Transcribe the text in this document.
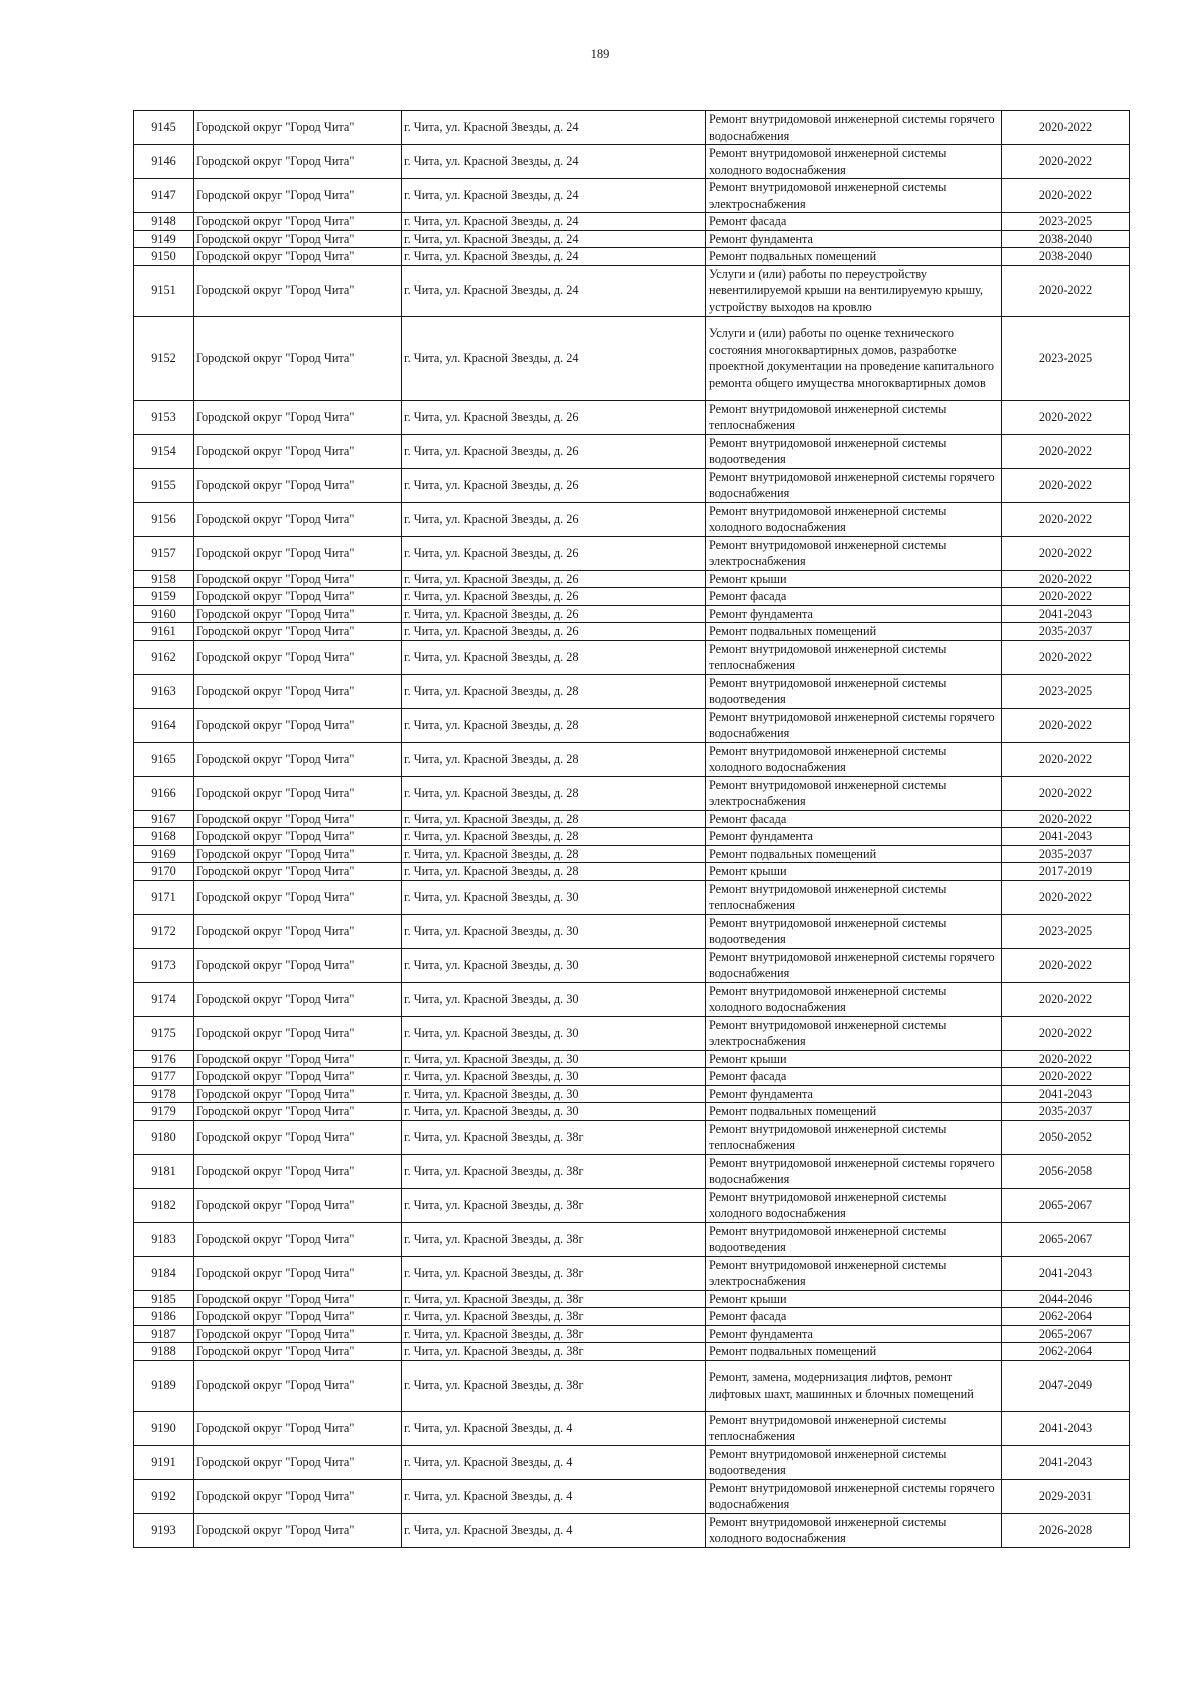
189
9145	Городской округ "Город Чита"	г. Чита, ул. Красной Звезды, д. 24	Ремонт внутридомовой инженерной системы горячего водоснабжения	2020-2022
9146	Городской округ "Город Чита"	г. Чита, ул. Красной Звезды, д. 24	Ремонт внутридомовой инженерной системы холодного водоснабжения	2020-2022
9147	Городской округ "Город Чита"	г. Чита, ул. Красной Звезды, д. 24	Ремонт внутридомовой инженерной системы электроснабжения	2020-2022
9148	Городской округ "Город Чита"	г. Чита, ул. Красной Звезды, д. 24	Ремонт фасада	2023-2025
9149	Городской округ "Город Чита"	г. Чита, ул. Красной Звезды, д. 24	Ремонт фундамента	2038-2040
9150	Городской округ "Город Чита"	г. Чита, ул. Красной Звезды, д. 24	Ремонт подвальных помещений	2038-2040
9151	Городской округ "Город Чита"	г. Чита, ул. Красной Звезды, д. 24	Услуги и (или) работы по переустройству невентилируемой крыши на вентилируемую крышу, устройству выходов на кровлю	2020-2022
9152	Городской округ "Город Чита"	г. Чита, ул. Красной Звезды, д. 24	Услуги и (или) работы по оценке технического состояния многоквартирных домов, разработке проектной документации на проведение капитального ремонта общего имущества многоквартирных домов	2023-2025
9153	Городской округ "Город Чита"	г. Чита, ул. Красной Звезды, д. 26	Ремонт внутридомовой инженерной системы теплоснабжения	2020-2022
9154	Городской округ "Город Чита"	г. Чита, ул. Красной Звезды, д. 26	Ремонт внутридомовой инженерной системы водоотведения	2020-2022
9155	Городской округ "Город Чита"	г. Чита, ул. Красной Звезды, д. 26	Ремонт внутридомовой инженерной системы горячего водоснабжения	2020-2022
9156	Городской округ "Город Чита"	г. Чита, ул. Красной Звезды, д. 26	Ремонт внутридомовой инженерной системы холодного водоснабжения	2020-2022
9157	Городской округ "Город Чита"	г. Чита, ул. Красной Звезды, д. 26	Ремонт внутридомовой инженерной системы электроснабжения	2020-2022
9158	Городской округ "Город Чита"	г. Чита, ул. Красной Звезды, д. 26	Ремонт крыши	2020-2022
9159	Городской округ "Город Чита"	г. Чита, ул. Красной Звезды, д. 26	Ремонт фасада	2020-2022
9160	Городской округ "Город Чита"	г. Чита, ул. Красной Звезды, д. 26	Ремонт фундамента	2041-2043
9161	Городской округ "Город Чита"	г. Чита, ул. Красной Звезды, д. 26	Ремонт подвальных помещений	2035-2037
9162	Городской округ "Город Чита"	г. Чита, ул. Красной Звезды, д. 28	Ремонт внутридомовой инженерной системы теплоснабжения	2020-2022
9163	Городской округ "Город Чита"	г. Чита, ул. Красной Звезды, д. 28	Ремонт внутридомовой инженерной системы водоотведения	2023-2025
9164	Городской округ "Город Чита"	г. Чита, ул. Красной Звезды, д. 28	Ремонт внутридомовой инженерной системы горячего водоснабжения	2020-2022
9165	Городской округ "Город Чита"	г. Чита, ул. Красной Звезды, д. 28	Ремонт внутридомовой инженерной системы холодного водоснабжения	2020-2022
9166	Городской округ "Город Чита"	г. Чита, ул. Красной Звезды, д. 28	Ремонт внутридомовой инженерной системы электроснабжения	2020-2022
9167	Городской округ "Город Чита"	г. Чита, ул. Красной Звезды, д. 28	Ремонт фасада	2020-2022
9168	Городской округ "Город Чита"	г. Чита, ул. Красной Звезды, д. 28	Ремонт фундамента	2041-2043
9169	Городской округ "Город Чита"	г. Чита, ул. Красной Звезды, д. 28	Ремонт подвальных помещений	2035-2037
9170	Городской округ "Город Чита"	г. Чита, ул. Красной Звезды, д. 28	Ремонт крыши	2017-2019
9171	Городской округ "Город Чита"	г. Чита, ул. Красной Звезды, д. 30	Ремонт внутридомовой инженерной системы теплоснабжения	2020-2022
9172	Городской округ "Город Чита"	г. Чита, ул. Красной Звезды, д. 30	Ремонт внутридомовой инженерной системы водоотведения	2023-2025
9173	Городской округ "Город Чита"	г. Чита, ул. Красной Звезды, д. 30	Ремонт внутридомовой инженерной системы горячего водоснабжения	2020-2022
9174	Городской округ "Город Чита"	г. Чита, ул. Красной Звезды, д. 30	Ремонт внутридомовой инженерной системы холодного водоснабжения	2020-2022
9175	Городской округ "Город Чита"	г. Чита, ул. Красной Звезды, д. 30	Ремонт внутридомовой инженерной системы электроснабжения	2020-2022
9176	Городской округ "Город Чита"	г. Чита, ул. Красной Звезды, д. 30	Ремонт крыши	2020-2022
9177	Городской округ "Город Чита"	г. Чита, ул. Красной Звезды, д. 30	Ремонт фасада	2020-2022
9178	Городской округ "Город Чита"	г. Чита, ул. Красной Звезды, д. 30	Ремонт фундамента	2041-2043
9179	Городской округ "Город Чита"	г. Чита, ул. Красной Звезды, д. 30	Ремонт подвальных помещений	2035-2037
9180	Городской округ "Город Чита"	г. Чита, ул. Красной Звезды, д. 38г	Ремонт внутридомовой инженерной системы теплоснабжения	2050-2052
9181	Городской округ "Город Чита"	г. Чита, ул. Красной Звезды, д. 38г	Ремонт внутридомовой инженерной системы горячего водоснабжения	2056-2058
9182	Городской округ "Город Чита"	г. Чита, ул. Красной Звезды, д. 38г	Ремонт внутридомовой инженерной системы холодного водоснабжения	2065-2067
9183	Городской округ "Город Чита"	г. Чита, ул. Красной Звезды, д. 38г	Ремонт внутридомовой инженерной системы водоотведения	2065-2067
9184	Городской округ "Город Чита"	г. Чита, ул. Красной Звезды, д. 38г	Ремонт внутридомовой инженерной системы электроснабжения	2041-2043
9185	Городской округ "Город Чита"	г. Чита, ул. Красной Звезды, д. 38г	Ремонт крыши	2044-2046
9186	Городской округ "Город Чита"	г. Чита, ул. Красной Звезды, д. 38г	Ремонт фасада	2062-2064
9187	Городской округ "Город Чита"	г. Чита, ул. Красной Звезды, д. 38г	Ремонт фундамента	2065-2067
9188	Городской округ "Город Чита"	г. Чита, ул. Красной Звезды, д. 38г	Ремонт подвальных помещений	2062-2064
9189	Городской округ "Город Чита"	г. Чита, ул. Красной Звезды, д. 38г	Ремонт, замена, модернизация лифтов, ремонт лифтовых шахт, машинных и блочных помещений	2047-2049
9190	Городской округ "Город Чита"	г. Чита, ул. Красной Звезды, д. 4	Ремонт внутридомовой инженерной системы теплоснабжения	2041-2043
9191	Городской округ "Город Чита"	г. Чита, ул. Красной Звезды, д. 4	Ремонт внутридомовой инженерной системы водоотведения	2041-2043
9192	Городской округ "Город Чита"	г. Чита, ул. Красной Звезды, д. 4	Ремонт внутридомовой инженерной системы горячего водоснабжения	2029-2031
9193	Городской округ "Город Чита"	г. Чита, ул. Красной Звезды, д. 4	Ремонт внутридомовой инженерной системы холодного водоснабжения	2026-2028
